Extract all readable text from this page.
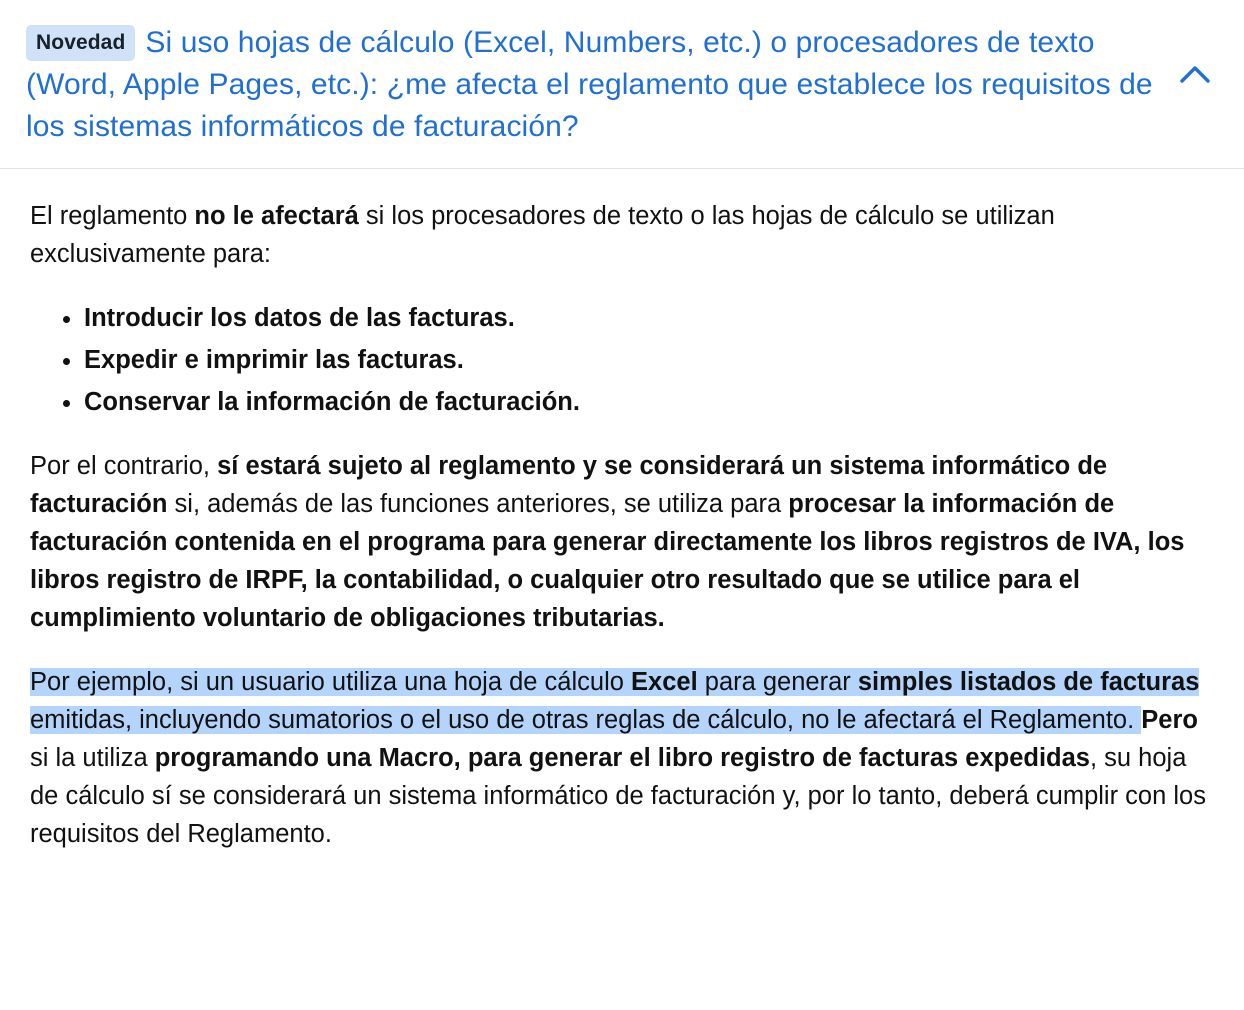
Novedad Si uso hojas de cálculo (Excel, Numbers, etc.) o procesadores de texto (Word, Apple Pages, etc.): ¿me afecta el reglamento que establece los requisitos de los sistemas informáticos de facturación?

El reglamento no le afectará si los procesadores de texto o las hojas de cálculo se utilizan exclusivamente para:

• Introducir los datos de las facturas.
• Expedir e imprimir las facturas.
• Conservar la información de facturación.

Por el contrario, sí estará sujeto al reglamento y se considerará un sistema informático de facturación si, además de las funciones anteriores, se utiliza para procesar la información de facturación contenida en el programa para generar directamente los libros registros de IVA, los libros registro de IRPF, la contabilidad, o cualquier otro resultado que se utilice para el cumplimiento voluntario de obligaciones tributarias.

Por ejemplo, si un usuario utiliza una hoja de cálculo Excel para generar simples listados de facturas emitidas, incluyendo sumatorios o el uso de otras reglas de cálculo, no le afectará el Reglamento. Pero si la utiliza programando una Macro, para generar el libro registro de facturas expedidas, su hoja de cálculo sí se considerará un sistema informático de facturación y, por lo tanto, deberá cumplir con los requisitos del Reglamento.
